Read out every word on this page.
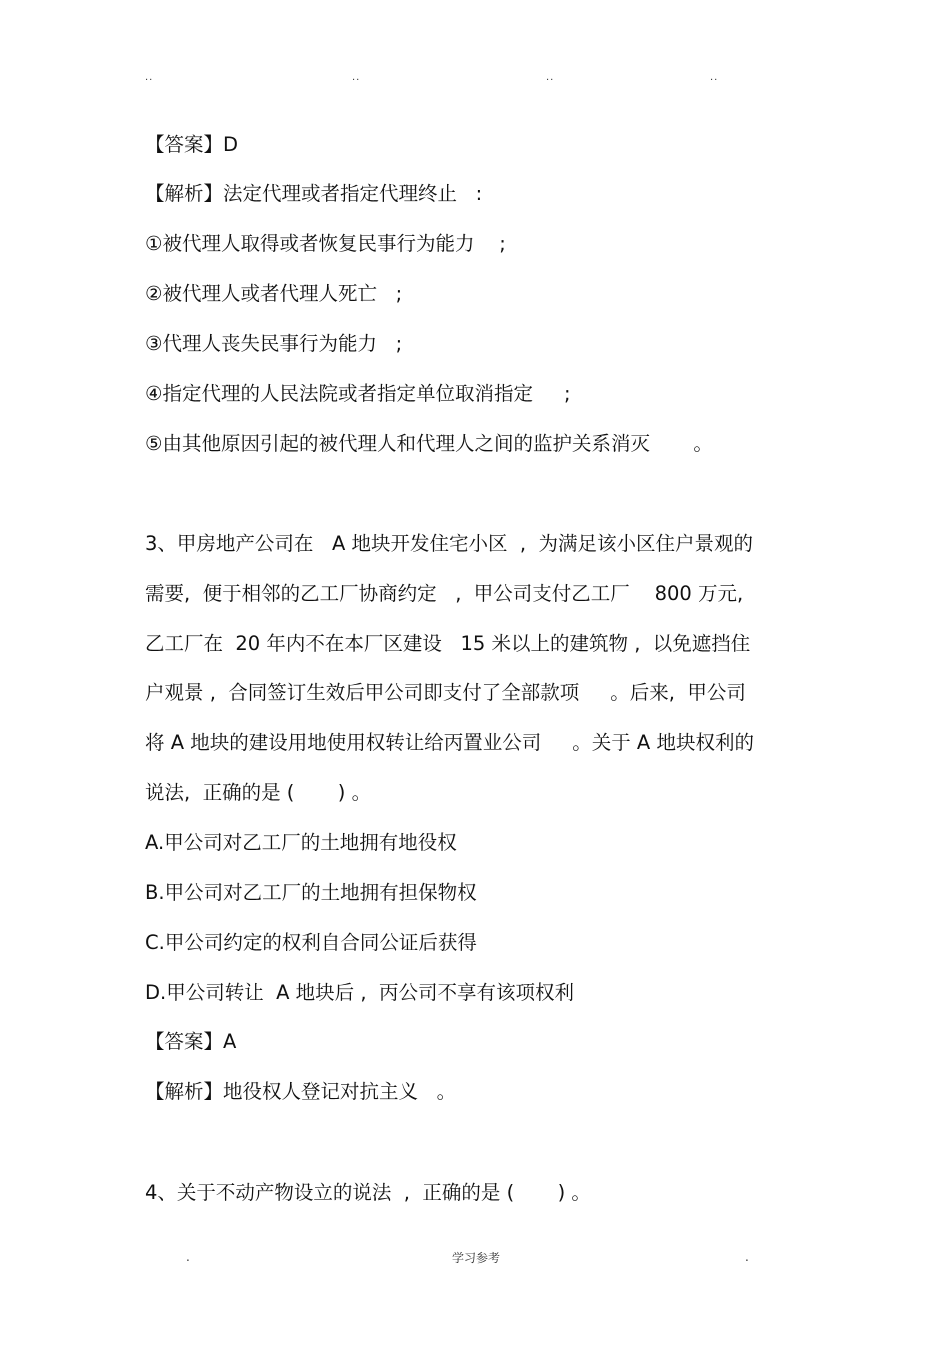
..	..	..	..
【答案】D
【解析】法定代理或者指定代理终止   :
①被代理人取得或者恢复民事行为能力    ;
②被代理人或者代理人死亡   ;
③代理人丧失民事行为能力   ;
④指定代理的人民法院或者指定单位取消指定     ;
⑤由其他原因引起的被代理人和代理人之间的监护关系消灭       。
3、甲房地产公司在   A 地块开发住宅小区  ,  为满足该小区住户景观的
需要,  便于相邻的乙工厂协商约定   ,  甲公司支付乙工厂    800 万元,
乙工厂在  20 年内不在本厂区建设   15 米以上的建筑物 ,  以免遮挡住
户观景 ,  合同签订生效后甲公司即支付了全部款项     。后来,  甲公司
将 A 地块的建设用地使用权转让给丙置业公司     。关于 A 地块权利的
说法,  正确的是 (       ) 。
A.甲公司对乙工厂的土地拥有地役权
B.甲公司对乙工厂的土地拥有担保物权
C.甲公司约定的权利自合同公证后获得
D.甲公司转让  A 地块后 ,  丙公司不享有该项权利
【答案】A
【解析】地役权人登记对抗主义   。
4、关于不动产物设立的说法  ,  正确的是 (       ) 。
.	学习参考	.
